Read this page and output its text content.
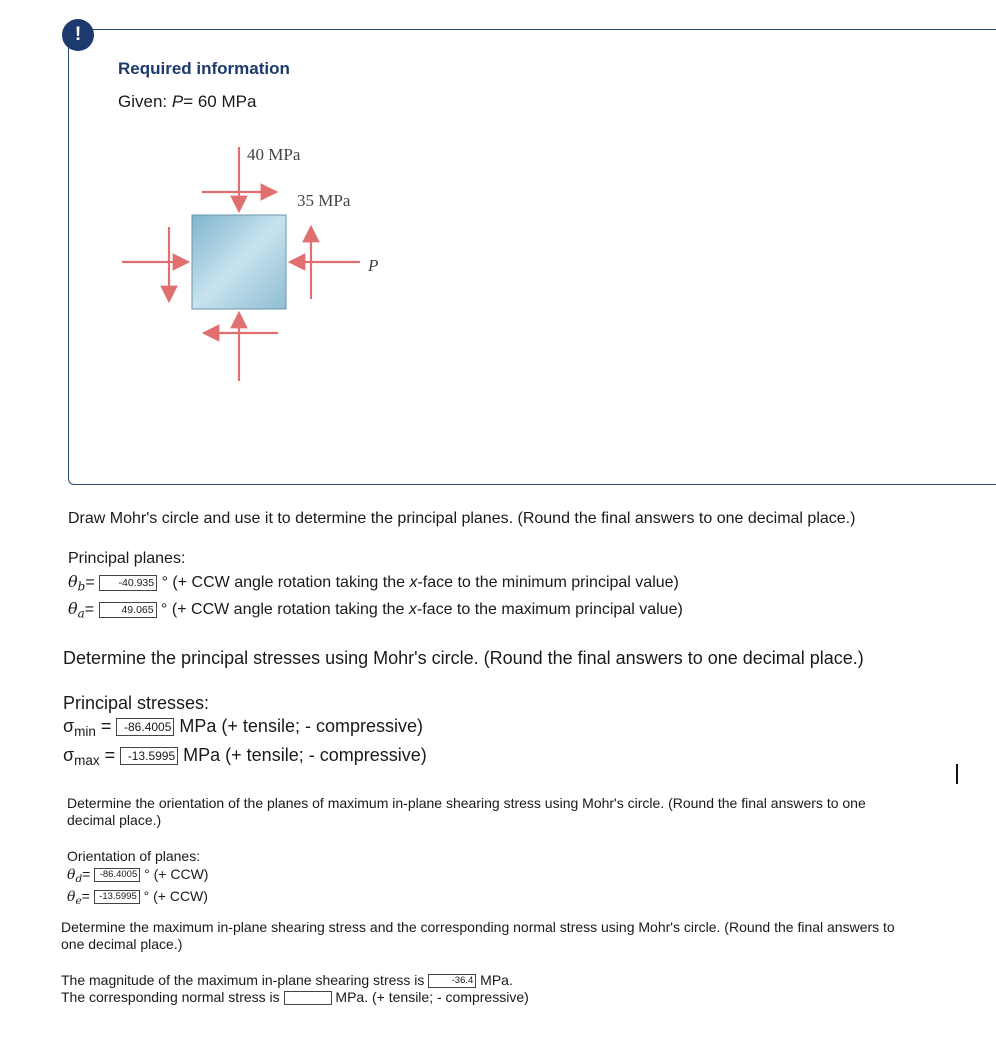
!
Required information
Given: P= 60 MPa
40 MPa
35 MPa
P
Draw Mohr's circle and use it to determine the principal planes. (Round the final answers to one decimal place.)
Principal planes:
$\theta_b= -40.935$ ° (+ CCW angle rotation taking the x-face to the minimum principal value)
$\theta_a= 49.065$ ° (+ CCW angle rotation taking the x-face to the maximum principal value)
Determine the principal stresses using Mohr's circle. (Round the final answers to one decimal place.)
Principal stresses:
$\sigma_{min} = -86.4005$ MPa (+ tensile; - compressive)
$\sigma_{max} = -13.5995$ MPa (+ tensile; - compressive)
Determine the orientation of the planes of maximum in-plane shearing stress using Mohr's circle. (Round the final answers to one
decimal place.)
Orientation of planes:
$\theta_d= -86.4005$ ° (+ CCW)
$\theta_e= -13.5995$ ° (+ CCW)
Determine the maximum in-plane shearing stress and the corresponding normal stress using Mohr's circle. (Round the final answers to
one decimal place.)
The magnitude of the maximum in-plane shearing stress is -36.4 MPa.
The corresponding normal stress is	MPa. (+ tensile; - compressive)
